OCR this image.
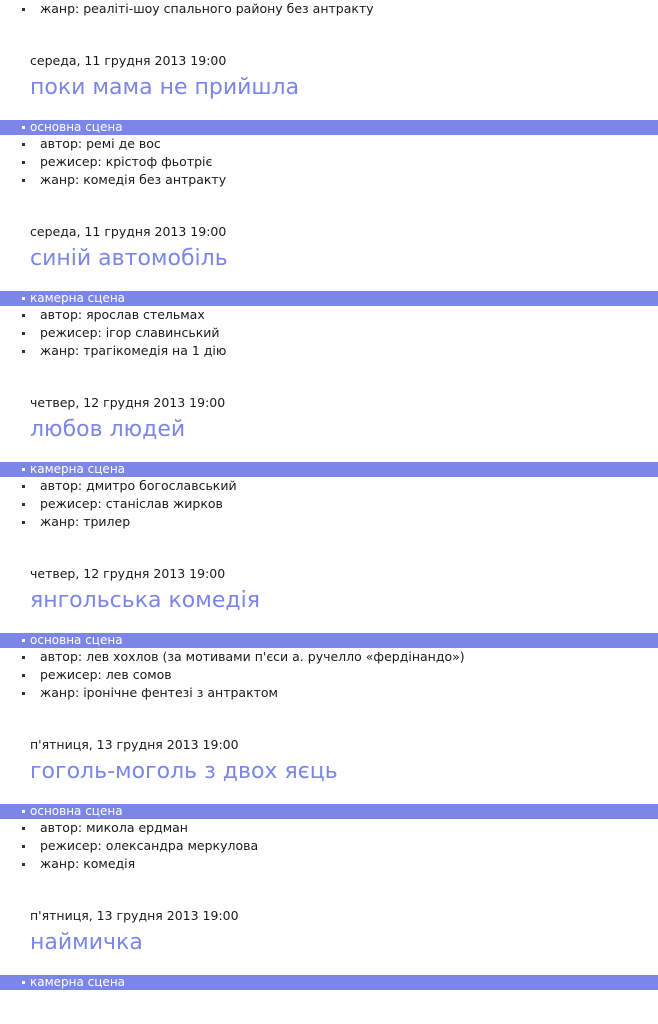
жанр: реаліті-шоу спального району без антракту
середа, 11 грудня 2013 19:00
поки мама не прийшла
основна сцена
автор: ремі де вос
режисер: крістоф фьотріє
жанр: комедія без антракту
середа, 11 грудня 2013 19:00
синій автомобіль
камерна сцена
автор: ярослав стельмах
режисер: ігор славинський
жанр: трагікомедія на 1 дію
четвер, 12 грудня 2013 19:00
любов людей
камерна сцена
автор: дмитро богославський
режисер: станіслав жирков
жанр: трилер
четвер, 12 грудня 2013 19:00
янгольська комедія
основна сцена
автор: лев хохлов (за мотивами п'єси а. ручелло «фердінандо»)
режисер: лев сомов
жанр: іронічне фентезі з антрактом
п'ятниця, 13 грудня 2013 19:00
гоголь-моголь з двох яєць
основна сцена
автор: микола ердман
режисер: олександра меркулова
жанр: комедія
п'ятниця, 13 грудня 2013 19:00
наймичка
камерна сцена
